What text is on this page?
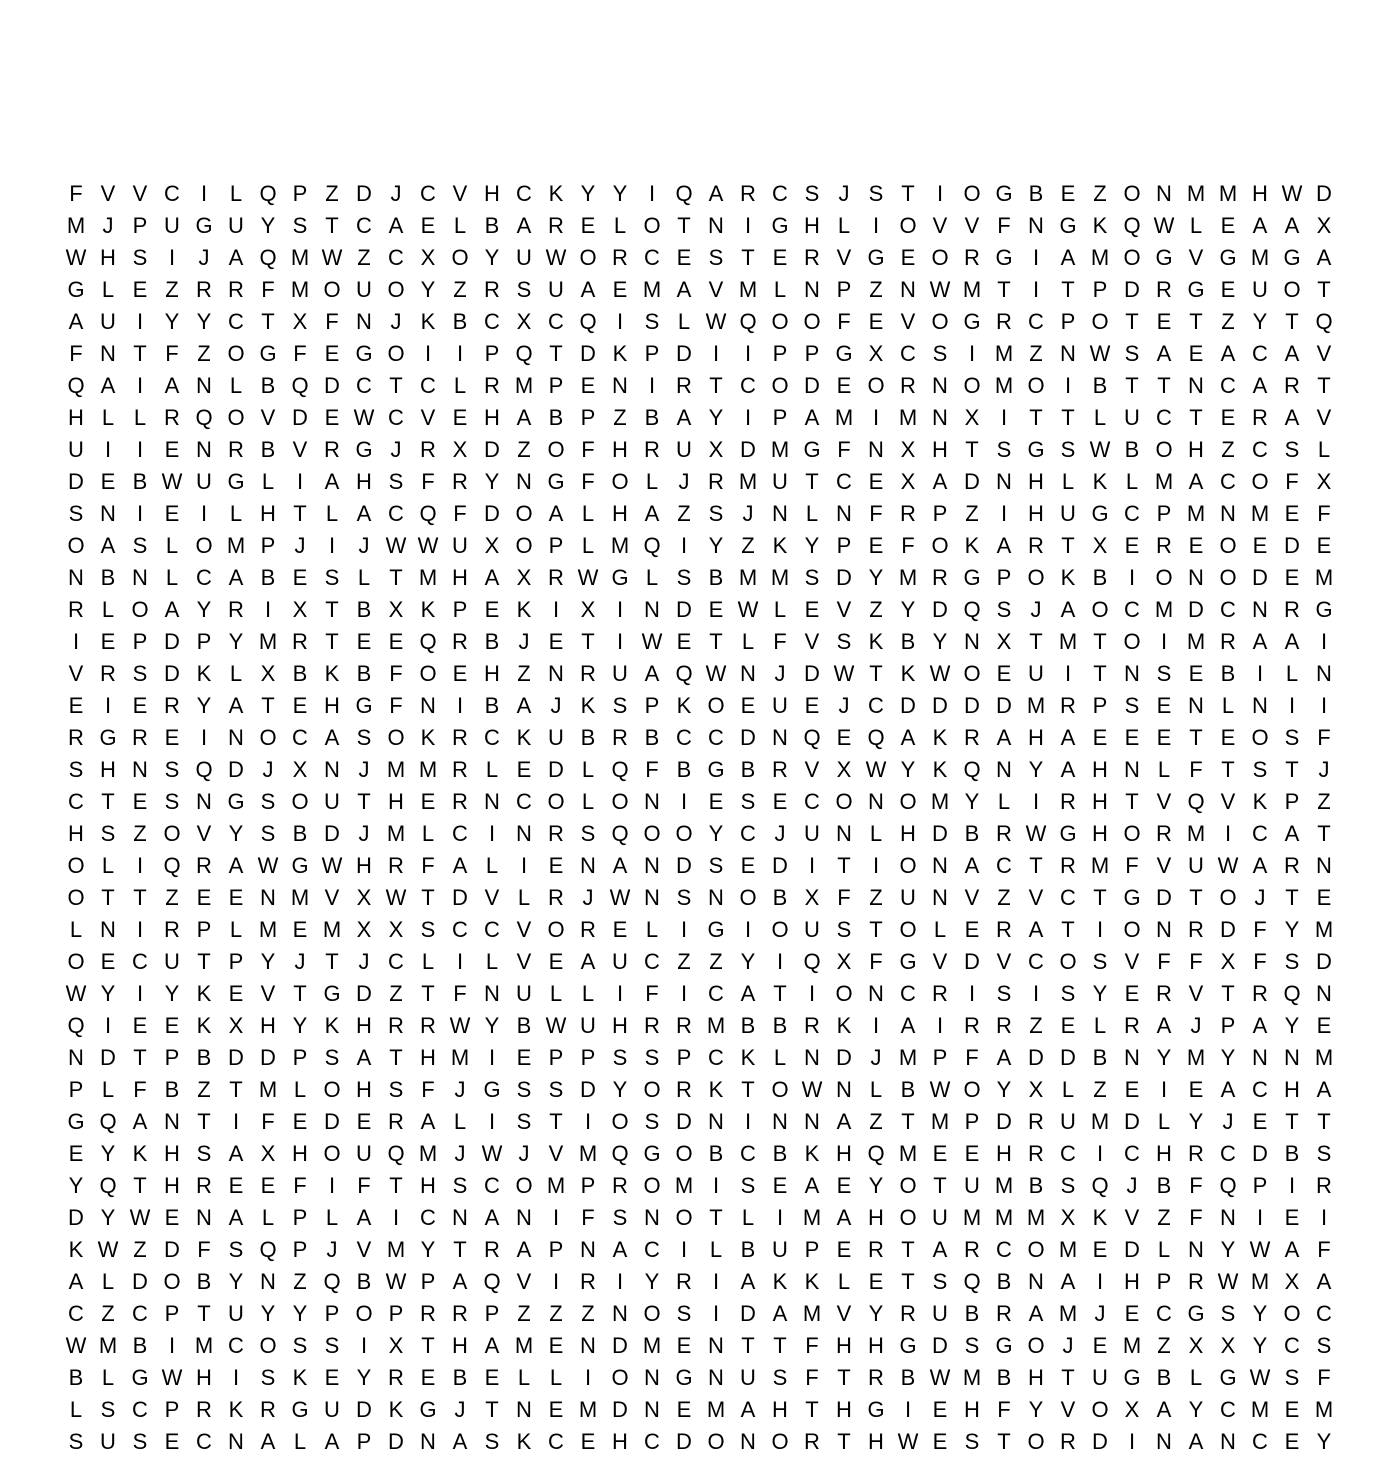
F V V C I	L Q P Z D J C V H C K Y Y I Q A R C S J S T	I O G B E Z O N M M H W D
M J P U G U Y S T C A E L B A R E L O T N I G H L	I O V V F N G K Q W L E A A X
W H S I	J A Q M W Z C X O Y U W O R C E S T E R V G E O R G I A M O G V G M G A
G L E Z R R F M O U O Y Z R S U A E M A V M L N P Z N W M T	I	T P D R G E U O T
A U I Y Y C T X F N J K B C X C Q I S L W Q O O F E V O G R C P O T E T Z Y T Q
F N T F Z O G F E G O I	I P Q T D K P D I	I P P G X C S I M Z N W S A E A C A V
Q A I A N L B Q D C T C L R M P E N I R T C O D E O R N O M O I B T T N C A R T
H L L R Q O V D E W C V E H A B P Z B A Y I P A M I M N X I	T T L U C T E R A V
U I	I E N R B V R G J R X D Z O F H R U X D M G F N X H T S G S W B O H Z C S L
D E B W U G L	I A H S F R Y N G F O L J R M U T C E X A D N H L K L M A C O F X
S N I E I	L H T L A C Q F D O A L H A Z S J N L N F R P Z	I H U G C P M N M E F
O A S L O M P J	I	J W W U X O P L M Q I Y Z K Y P E F O K A R T X E R E O E D E
N B N L C A B E S L T M H A X R W G L S B M M S D Y M R G P O K B I O N O D E M
R L O A Y R I X T B X K P E K I X I N D E W L E V Z Y D Q S J A O C M D C N R G
I E P D P Y M R T E E Q R B J E T	I W E T L F V S K B Y N X T M T O I M R A A I
V R S D K L X B K B F O E H Z N R U A Q W N J D W T K W O E U I	T N S E B I	L N
E I E R Y A T E H G F N I B A J K S P K O E U E J C D D D D M R P S E N L N I	I
R G R E I N O C A S O K R C K U B R B C C D N Q E Q A K R A H A E E E T E O S F
S H N S Q D J X N J M M R L E D L Q F B G B R V X W Y K Q N Y A H N L F T S T J
C T E S N G S O U T H E R N C O L O N I E S E C O N O M Y L	I R H T V Q V K P Z
H S Z O V Y S B D J M L C I N R S Q O O Y C J U N L H D B R W G H O R M I C A T
O L	I Q R A W G W H R F A L	I E N A N D S E D I	T	I O N A C T R M F V U W A R N
O T T Z E E N M V X W T D V L R J W N S N O B X F Z U N V Z V C T G D T O J T E
L N I R P L M E M X X S C C V O R E L	I G I O U S T O L E R A T	I O N R D F Y M
O E C U T P Y J T J C L	I	L V E A U C Z Z Y I Q X F G V D V C O S V F F X F S D
W Y I Y K E V T G D Z T F N U L L	I	F	I C A T	I O N C R I S I S Y E R V T R Q N
Q I E E K X H Y K H R R W Y B W U H R R M B B R K I A I R R Z E L R A J P A Y E
N D T P B D D P S A T H M I E P P S S P C K L N D J M P F A D D B N Y M Y N N M
P L F B Z T M L O H S F J G S S D Y O R K T O W N L B W O Y X L Z E I E A C H A
G Q A N T	I	F E D E R A L	I S T	I O S D N I N N A Z T M P D R U M D L Y J E T T
E Y K H S A X H O U Q M J W J V M Q G O B C B K H Q M E E H R C I C H R C D B S
Y Q T H R E E F	I	F T H S C O M P R O M I S E A E Y O T U M B S Q J B F Q P I R
D Y W E N A L P L A I C N A N I	F S N O T L	I M A H O U M M M X K V Z F N I E I
K W Z D F S Q P J V M Y T R A P N A C I	L B U P E R T A R C O M E D L N Y W A F
A L D O B Y N Z Q B W P A Q V I R I Y R I A K K L E T S Q B N A I H P R W M X A
C Z C P T U Y Y P O P R R P Z Z Z N O S I D A M V Y R U B R A M J E C G S Y O C
W M B I M C O S S I X T H A M E N D M E N T T F H H G D S G O J E M Z X X Y C S
B L G W H I S K E Y R E B E L L	I O N G N U S F T R B W M B H T U G B L G W S F
L S C P R K R G U D K G J T N E M D N E M A H T H G I E H F Y V O X A Y C M E M
S U S E C N A L A P D N A S K C E H C D O N O R T H W E S T O R D I N A N C E Y
